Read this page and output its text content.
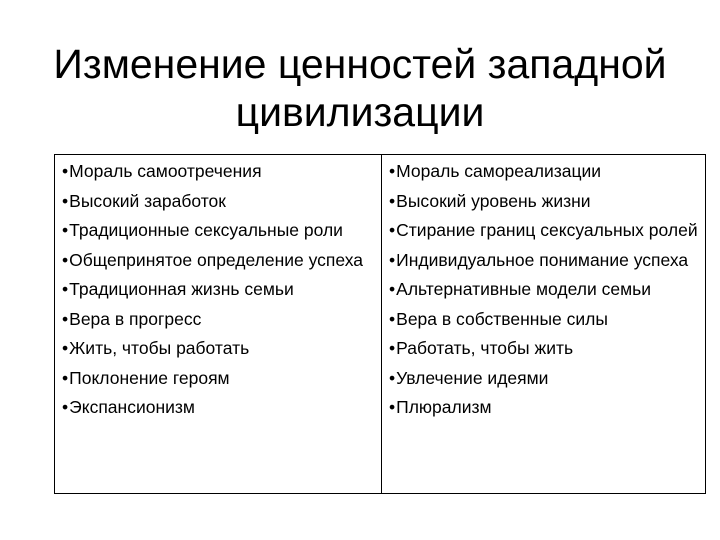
Изменение ценностей западной
цивилизации
•Мораль самоотречения
•Высокий заработок
•Традиционные сексуальные роли
•Общепринятое определение успеха
•Традиционная жизнь семьи
•Вера в прогресс
•Жить, чтобы работать
•Поклонение героям
•Экспансионизм
•Мораль самореализации
•Высокий уровень жизни
•Стирание границ сексуальных ролей
•Индивидуальное понимание успеха
•Альтернативные модели семьи
•Вера в собственные силы
•Работать, чтобы жить
•Увлечение идеями
•Плюрализм
